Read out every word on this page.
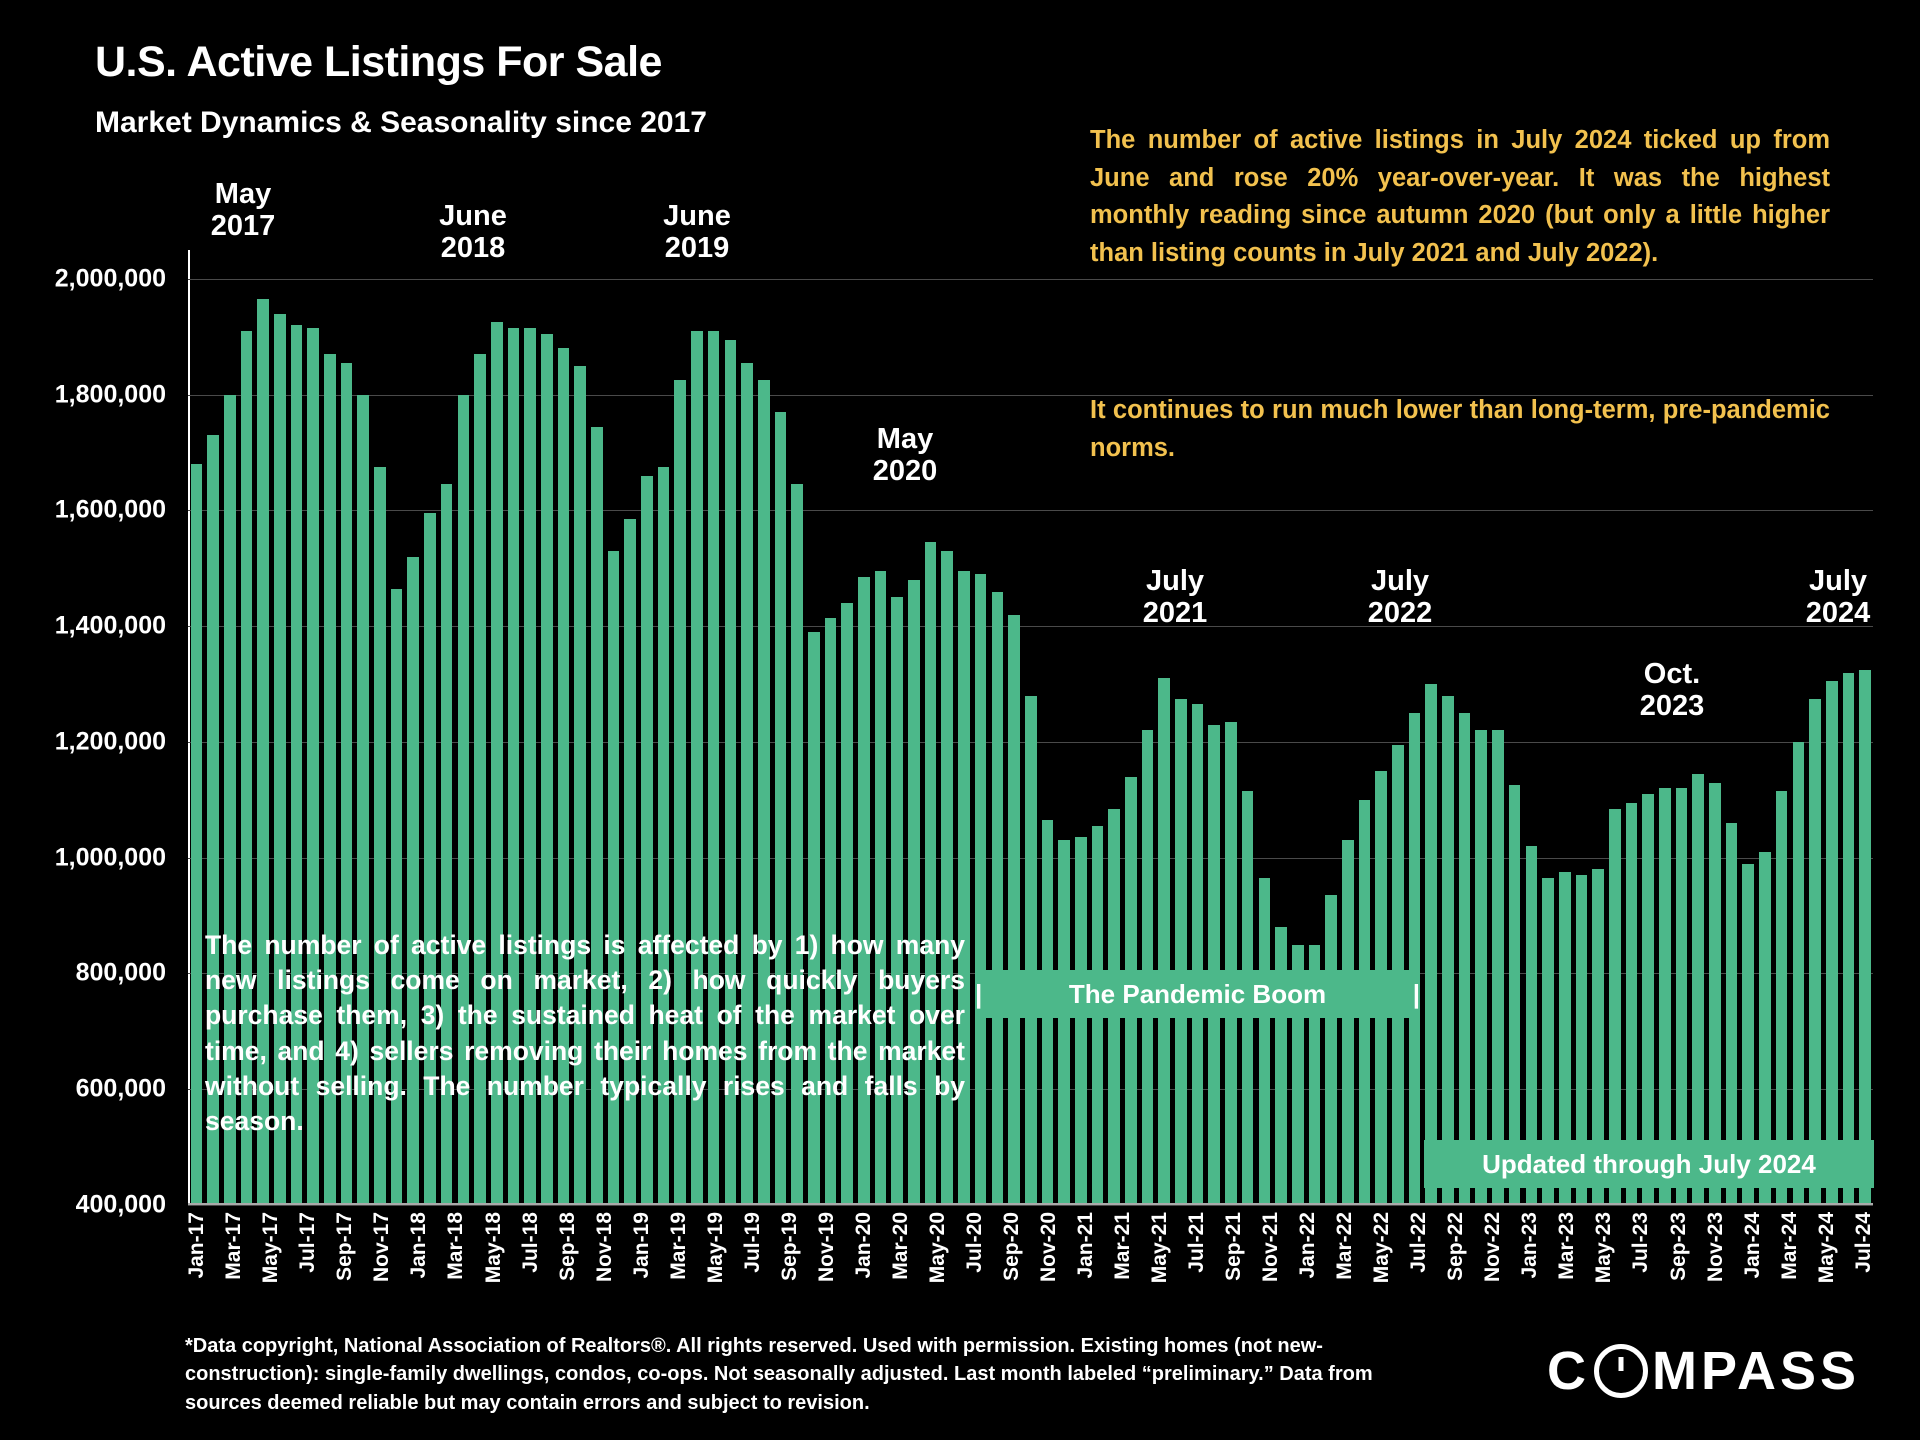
U.S. Active Listings For Sale
Market Dynamics & Seasonality since 2017
The number of active listings in July 2024 ticked up from June and rose 20% year-over-year. It was the highest monthly reading since autumn 2020 (but only a little higher than listing counts in July 2021 and July 2022).
It continues to run much lower than long-term, pre-pandemic norms.
2,000,000
1,800,000
1,600,000
1,400,000
1,200,000
1,000,000
800,000
600,000
400,000
Jan-17 Mar-17 May-17 Jul-17 Sep-17 Nov-17 Jan-18 Mar-18 May-18 Jul-18 Sep-18 Nov-18 Jan-19 Mar-19 May-19 Jul-19 Sep-19 Nov-19 Jan-20 Mar-20 May-20 Jul-20 Sep-20 Nov-20 Jan-21 Mar-21 May-21 Jul-21 Sep-21 Nov-21 Jan-22 Mar-22 May-22 Jul-22 Sep-22 Nov-22 Jan-23 Mar-23 May-23 Jul-23 Sep-23 Nov-23 Jan-24 Mar-24 May-24 Jul-24
May
2017	June
2018
June
2019
May
2020
July
2021
July
2022
Oct.
2023
July
2024
The number of active listings is affected by 1) how many new listings come on market, 2) how quickly buyers purchase them, 3) the sustained heat of the market over time, and 4) sellers removing their homes from the market without selling. The number typically rises and falls by season.
|	The Pandemic Boom	|
Updated through July 2024
*Data copyright, National Association of Realtors®. All rights reserved. Used with permission. Existing homes (not new-construction): single-family dwellings, condos, co-ops. Not seasonally adjusted. Last month labeled “preliminary.” Data from sources deemed reliable but may contain errors and subject to revision.
C MPASS
